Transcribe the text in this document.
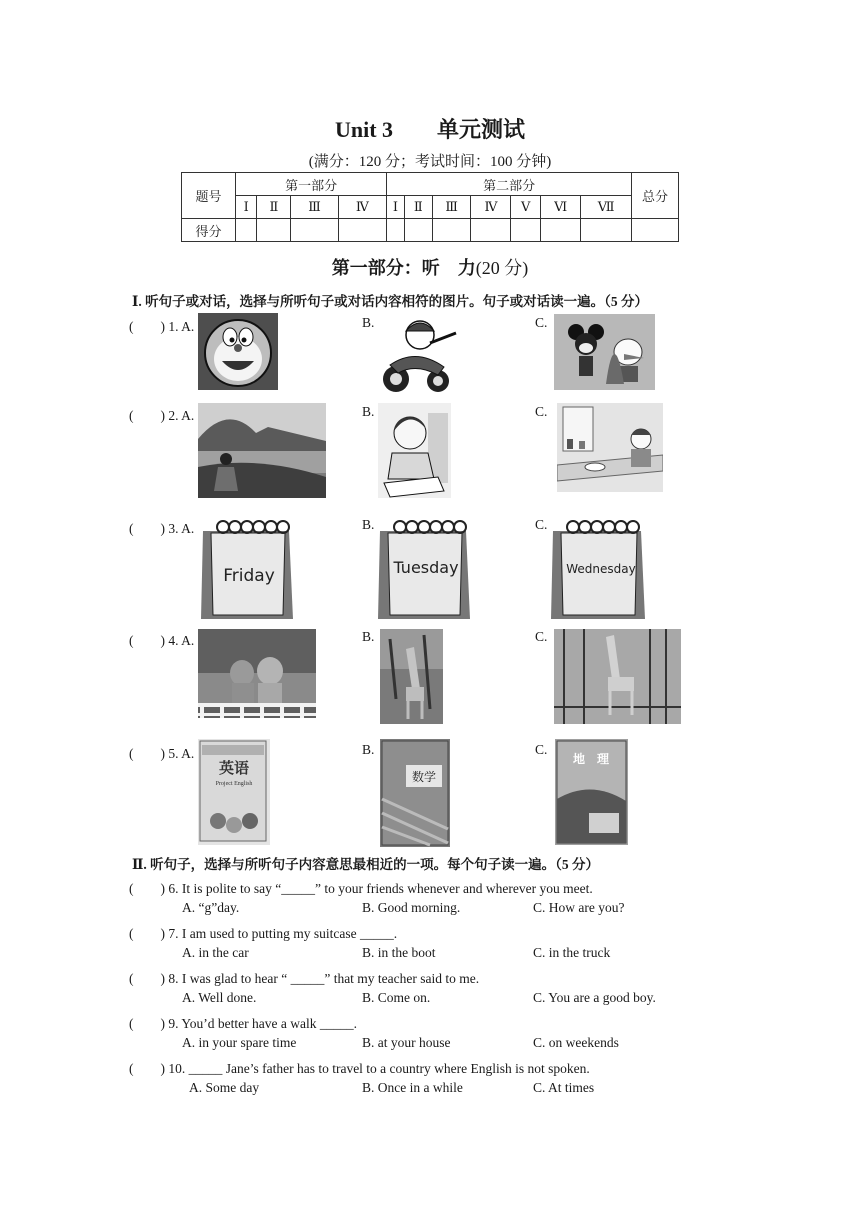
Unit 3 单元测试
(满分：120 分；考试时间：100 分钟)
题号	第一部分				第二部分							总分
	Ⅰ	Ⅱ	Ⅲ	Ⅳ	Ⅰ	Ⅱ	Ⅲ	Ⅳ	Ⅴ	Ⅵ	Ⅶ	
得分												
第一部分：听　力(20 分)
Ⅰ. 听句子或对话，选择与所听句子或对话内容相符的图片。句子或对话读一遍。（5 分）
(　　) 1. A.	B.	C.
(　　) 2. A.	B.	C.
(　　) 3. A.	B.	C.
Friday	Tuesday	Wednesday
(　　) 4. A.	B.	C.
(　　) 5. A.	B.	C.
英语
Project English	数学
地　理
Ⅱ. 听句子，选择与所听句子内容意思最相近的一项。每个句子读一遍。（5 分）
(　　) 6. It is polite to say “_____” to your friends whenever and wherever you meet.
A. “g”day.	B. Good morning.	C. How are you?
(　　) 7. I am used to putting my suitcase _____.
A. in the car	B. in the boot	C. in the truck
(　　) 8. I was glad to hear “ _____” that my teacher said to me.
A. Well done.	B. Come on.	C. You are a good boy.
(　　) 9. You’d better have a walk _____.
A. in your spare time	B. at your house	C. on weekends
(　　) 10. _____ Jane’s father has to travel to a country where English is not spoken.
A. Some day	B. Once in a while	C. At times
